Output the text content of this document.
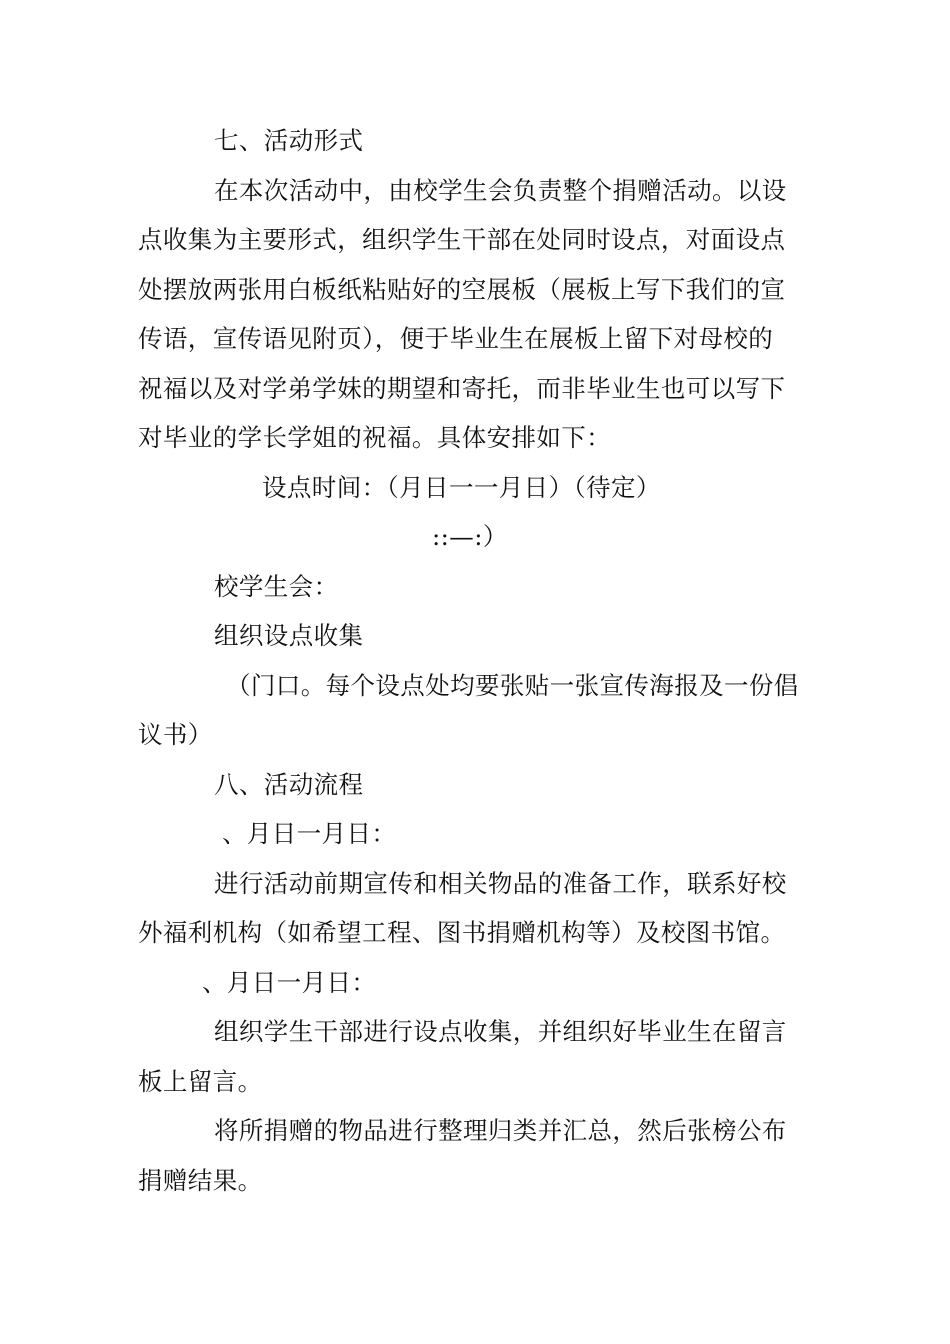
七、活动形式
在本次活动中，由校学生会负责整个捐赠活动。以设
点收集为主要形式，组织学生干部在处同时设点，对面设点
处摆放两张用白板纸粘贴好的空展板（展板上写下我们的宣
传语，宣传语见附页），便于毕业生在展板上留下对母校的
祝福以及对学弟学妹的期望和寄托，而非毕业生也可以写下
对毕业的学长学姐的祝福。具体安排如下：
设点时间：（月日一一月日）（待定）
::—:）
校学生会：
组织设点收集
（门口。每个设点处均要张贴一张宣传海报及一份倡
议书）
八、活动流程
、月日一月日：
进行活动前期宣传和相关物品的准备工作，联系好校
外福利机构（如希望工程、图书捐赠机构等）及校图书馆。
、月日一月日：
组织学生干部进行设点收集，并组织好毕业生在留言
板上留言。
将所捐赠的物品进行整理归类并汇总，然后张榜公布
捐赠结果。
